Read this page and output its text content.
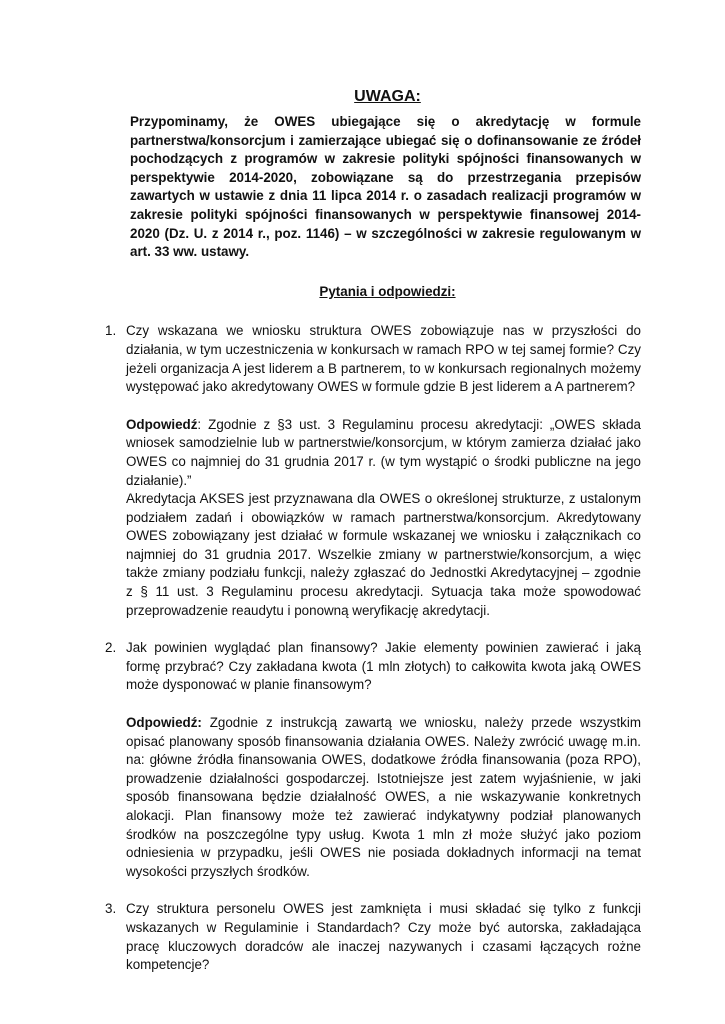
UWAGA:

Przypominamy, że OWES ubiegające się o akredytację w formule partnerstwa/konsorcjum i zamierzające ubiegać się o dofinansowanie ze źródeł pochodzących z programów w zakresie polityki spójności finansowanych w perspektywie 2014-2020, zobowiązane są do przestrzegania przepisów zawartych w ustawie z dnia 11 lipca 2014 r. o zasadach realizacji programów w zakresie polityki spójności finansowanych w perspektywie finansowej 2014-2020 (Dz. U. z 2014 r., poz. 1146) – w szczególności w zakresie regulowanym w art. 33 ww. ustawy.

Pytania i odpowiedzi:
1. Czy wskazana we wniosku struktura OWES zobowiązuje nas w przyszłości do działania, w tym uczestniczenia w konkursach w ramach RPO w tej samej formie? Czy jeżeli organizacja A jest liderem a B partnerem, to w konkursach regionalnych możemy występować jako akredytowany OWES w formule gdzie B jest liderem a A partnerem?

Odpowiedź: Zgodnie z §3 ust. 3 Regulaminu procesu akredytacji: „OWES składa wniosek samodzielnie lub w partnerstwie/konsorcjum, w którym zamierza działać jako OWES co najmniej do 31 grudnia 2017 r. (w tym wystąpić o środki publiczne na jego działanie).”
Akredytacja AKSES jest przyznawana dla OWES o określonej strukturze, z ustalonym podziałem zadań i obowiązków w ramach partnerstwa/konsorcjum. Akredytowany OWES zobowiązany jest działać w formule wskazanej we wniosku i załącznikach co najmniej do 31 grudnia 2017. Wszelkie zmiany w partnerstwie/konsorcjum, a więc także zmiany podziału funkcji, należy zgłaszać do Jednostki Akredytacyjnej – zgodnie z § 11 ust. 3 Regulaminu procesu akredytacji. Sytuacja taka może spowodować przeprowadzenie reaudytu i ponowną weryfikację akredytacji.

2. Jak powinien wyglądać plan finansowy? Jakie elementy powinien zawierać i jaką formę przybrać? Czy zakładana kwota (1 mln złotych) to całkowita kwota jaką OWES może dysponować w planie finansowym?

Odpowiedź: Zgodnie z instrukcją zawartą we wniosku, należy przede wszystkim opisać planowany sposób finansowania działania OWES. Należy zwrócić uwagę m.in. na: główne źródła finansowania OWES, dodatkowe źródła finansowania (poza RPO), prowadzenie działalności gospodarczej. Istotniejsze jest zatem wyjaśnienie, w jaki sposób finansowana będzie działalność OWES, a nie wskazywanie konkretnych alokacji. Plan finansowy może też zawierać indykatywny podział planowanych środków na poszczególne typy usług. Kwota 1 mln zł może służyć jako poziom odniesienia w przypadku, jeśli OWES nie posiada dokładnych informacji na temat wysokości przyszłych środków.

3. Czy struktura personelu OWES jest zamknięta i musi składać się tylko z funkcji wskazanych w Regulaminie i Standardach? Czy może być autorska, zakładająca pracę kluczowych doradców ale inaczej nazywanych i czasami łączących rożne kompetencje?
